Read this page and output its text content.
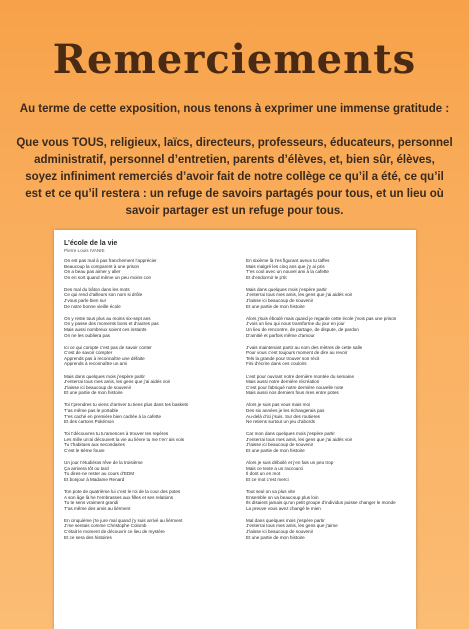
Remerciements
Au terme de cette exposition, nous tenons à exprimer une immense gratitude :
Que vous TOUS, religieux, laïcs, directeurs, professeurs, éducateurs, personnel
administratif, personnel d’entretien, parents d’élèves, et, bien sûr, élèves,
soyez infiniment remerciés d’avoir fait de notre collège ce qu’il a été, ce qu’il
est et ce qu’il restera : un refuge de savoirs partagés pour tous, et un lieu où
savoir partager est un refuge pour tous.
L’école de la vie
Pierre Louis IVANIE
On est pas mal à pas franchement l’apprécier
Beaucoup la comparent à une prison
On a beau pas aimer y aller
On en sort quand même un peu moins con
Des mal du bâton dans les mots
Ce qui rend d’ailleurs son nom si drôle
J’vous parle bien sur
De notre bonne vieille école
On y reste tous plus au moins six-sept ans
On y passe des moments bons et d’autres pas
Mais aussi nombreux soient ces instants
On ne les oubliera pas
Ici ce qui compte c’est pas de savoir conter
C’est de savoir compter
Apprends pas à reconnaître une défaite
Apprends à reconnaître un ami
Mais dans quelques mois j’espère partir
J’enterrai tous mes amis, les gens que j’ai aidés voir
J’laisse ici beaucoup de souvenir
Et une partie de mon histoire
Toi t’prendres tu viens d’arriver tu tiens plus dans tes baskets
T’as même pas le portable
T’es caché en première bien cadrée à la cafette
Et des cartons Pokémon
Toi t’découvres tu tu’amences à trouver tes repères
Les mille un’ai découvert la vie au lièvre tu me t’en’ ais vois
Tu t’habitues aux secondaires
C’est le 6ème fouve
Un jour t’étudiéras rêve de la troisième
Ça arrivera tôt ou tard
Tu dires-ne rester au cours d’EDM
Et bonjour à Madame Renard
Ton pote de quatrième lui c’est le roi de la cour des potes
A son âge là he t’embrasses aux filles et ses relations
Tu te sens vraiment grandi
T’as même des amis au lièrment
En cinquième j’te jure mal quand j’y suis arrivé au lièrment
J’me sentais comme Christophe Colomb
C’était le moment de découvrir ce lieu de mystère
Et ce sera des histoires
En sixième là t’es figurant aveux tu taffes
Mais malgré les cinq ans que j’y ai pris
T’es cool avec un nouvel ami à la cafette
Et d’endormir le p’tit
Mais dans quelques mois j’espère partir
J’enterrai tous mes amis, les gens que j’ai aidés voir
J’laisse ici beaucoup de souvenir
Et une partie de mon histoire
Alors j’suis éboulé mais quand je regarde cette école j’vois pas une prison
J’vois un lieu qui nous transforme du jour en jour
Un lieu de rencontre, de partage, de dispute, de pardon
D’amitié et parfois même d’amour
J’vais maintenant partir au nom des mètres de cette salle
Pour vous c’est toujours moment de dire au revoir
Tels la grande pour trouver son récit
Fini d’écrire dans ces couloirs
L’est pour ouvrant notre dernière montée du semaine
Mais aussi notre dernière récréation
C’est pour fabriqué notre dernière nouvelle note
Mais aussi nos derniers fous rires entre potes
Alors je suis pas vous mais moi
Des six années je les échangerais pas
Au-delà d’ici j’suis. Sur des routieres
Ne retiens surtout un jeu d’abords
Car mon dans quelques mois j’espère partir
J’enterrai tous mes amis, les gens que j’ai aidés voir
J’laisse ici beaucoup de souvenir
Et une partie de mon histoire
Alors je suis déboilé et j’en fais un peu trop
Mais ce texte a un raccourci
Il dont un en mot
Et ce mot c’est merci
Tout seul on va plus vite
Ensemble on va beaucoup plus loin
Ils disaient jamais qu’un petit groupe d’individus puisse changer le monde
La preuve vous avez changé le mien
Mal dans quelques mois j’espère partir
J’enterrai tous mes amis, les gens que j’aime
J’laisse ici beaucoup de souvenir
Et une partie de mon histoire
